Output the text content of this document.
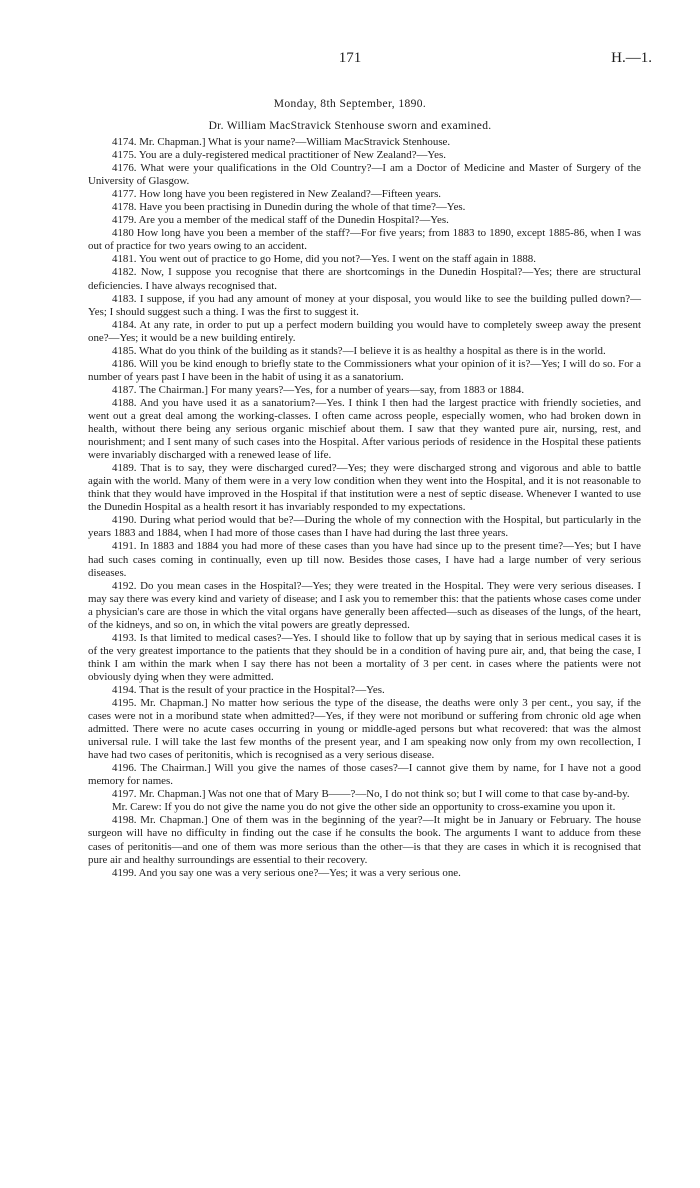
171	H.—1.
Monday, 8th September, 1890.
Dr. William MacStravick Stenhouse sworn and examined.

4174. Mr. Chapman.] What is your name?—William MacStravick Stenhouse.

4175. You are a duly-registered medical practitioner of New Zealand?—Yes.

4176. What were your qualifications in the Old Country?—I am a Doctor of Medicine and Master of Surgery of the University of Glasgow.

4177. How long have you been registered in New Zealand?—Fifteen years.

4178. Have you been practising in Dunedin during the whole of that time?—Yes.

4179. Are you a member of the medical staff of the Dunedin Hospital?—Yes.

4180 How long have you been a member of the staff?—For five years; from 1883 to 1890, except 1885-86, when I was out of practice for two years owing to an accident.

4181. You went out of practice to go Home, did you not?—Yes. I went on the staff again in 1888.

4182. Now, I suppose you recognise that there are shortcomings in the Dunedin Hospital?—Yes; there are structural deficiencies. I have always recognised that.

4183. I suppose, if you had any amount of money at your disposal, you would like to see the building pulled down?—Yes; I should suggest such a thing. I was the first to suggest it.

4184. At any rate, in order to put up a perfect modern building you would have to completely sweep away the present one?—Yes; it would be a new building entirely.

4185. What do you think of the building as it stands?—I believe it is as healthy a hospital as there is in the world.

4186. Will you be kind enough to briefly state to the Commissioners what your opinion of it is?—Yes; I will do so. For a number of years past I have been in the habit of using it as a sanatorium.

4187. The Chairman.] For many years?—Yes, for a number of years—say, from 1883 or 1884.

4188. And you have used it as a sanatorium?—Yes. I think I then had the largest practice with friendly societies, and went out a great deal among the working-classes. I often came across people, especially women, who had broken down in health, without there being any serious organic mischief about them. I saw that they wanted pure air, nursing, rest, and nourishment; and I sent many of such cases into the Hospital. After various periods of residence in the Hospital these patients were invariably discharged with a renewed lease of life.

4189. That is to say, they were discharged cured?—Yes; they were discharged strong and vigorous and able to battle again with the world. Many of them were in a very low condition when they went into the Hospital, and it is not reasonable to think that they would have improved in the Hospital if that institution were a nest of septic disease. Whenever I wanted to use the Dunedin Hospital as a health resort it has invariably responded to my expectations.

4190. During what period would that be?—During the whole of my connection with the Hospital, but particularly in the years 1883 and 1884, when I had more of those cases than I have had during the last three years.

4191. In 1883 and 1884 you had more of these cases than you have had since up to the present time?—Yes; but I have had such cases coming in continually, even up till now. Besides those cases, I have had a large number of very serious diseases.

4192. Do you mean cases in the Hospital?—Yes; they were treated in the Hospital. They were very serious diseases. I may say there was every kind and variety of disease; and I ask you to remember this: that the patients whose cases come under a physician's care are those in which the vital organs have generally been affected—such as diseases of the lungs, of the heart, of the kidneys, and so on, in which the vital powers are greatly depressed.

4193. Is that limited to medical cases?—Yes. I should like to follow that up by saying that in serious medical cases it is of the very greatest importance to the patients that they should be in a condition of having pure air, and, that being the case, I think I am within the mark when I say there has not been a mortality of 3 per cent. in cases where the patients were not obviously dying when they were admitted.

4194. That is the result of your practice in the Hospital?—Yes.

4195. Mr. Chapman.] No matter how serious the type of the disease, the deaths were only 3 per cent., you say, if the cases were not in a moribund state when admitted?—Yes, if they were not moribund or suffering from chronic old age when admitted. There were no acute cases occurring in young or middle-aged persons but what recovered: that was the almost universal rule. I will take the last few months of the present year, and I am speaking now only from my own recollection, I have had two cases of peritonitis, which is recognised as a very serious disease.

4196. The Chairman.] Will you give the names of those cases?—I cannot give them by name, for I have not a good memory for names.

4197. Mr. Chapman.] Was not one that of Mary B——?—No, I do not think so; but I will come to that case by-and-by.

Mr. Carew: If you do not give the name you do not give the other side an opportunity to cross-examine you upon it.

4198. Mr. Chapman.] One of them was in the beginning of the year?—It might be in January or February. The house surgeon will have no difficulty in finding out the case if he consults the book. The arguments I want to adduce from these cases of peritonitis—and one of them was more serious than the other—is that they are cases in which it is recognised that pure air and healthy surroundings are essential to their recovery.

4199. And you say one was a very serious one?—Yes; it was a very serious one.
